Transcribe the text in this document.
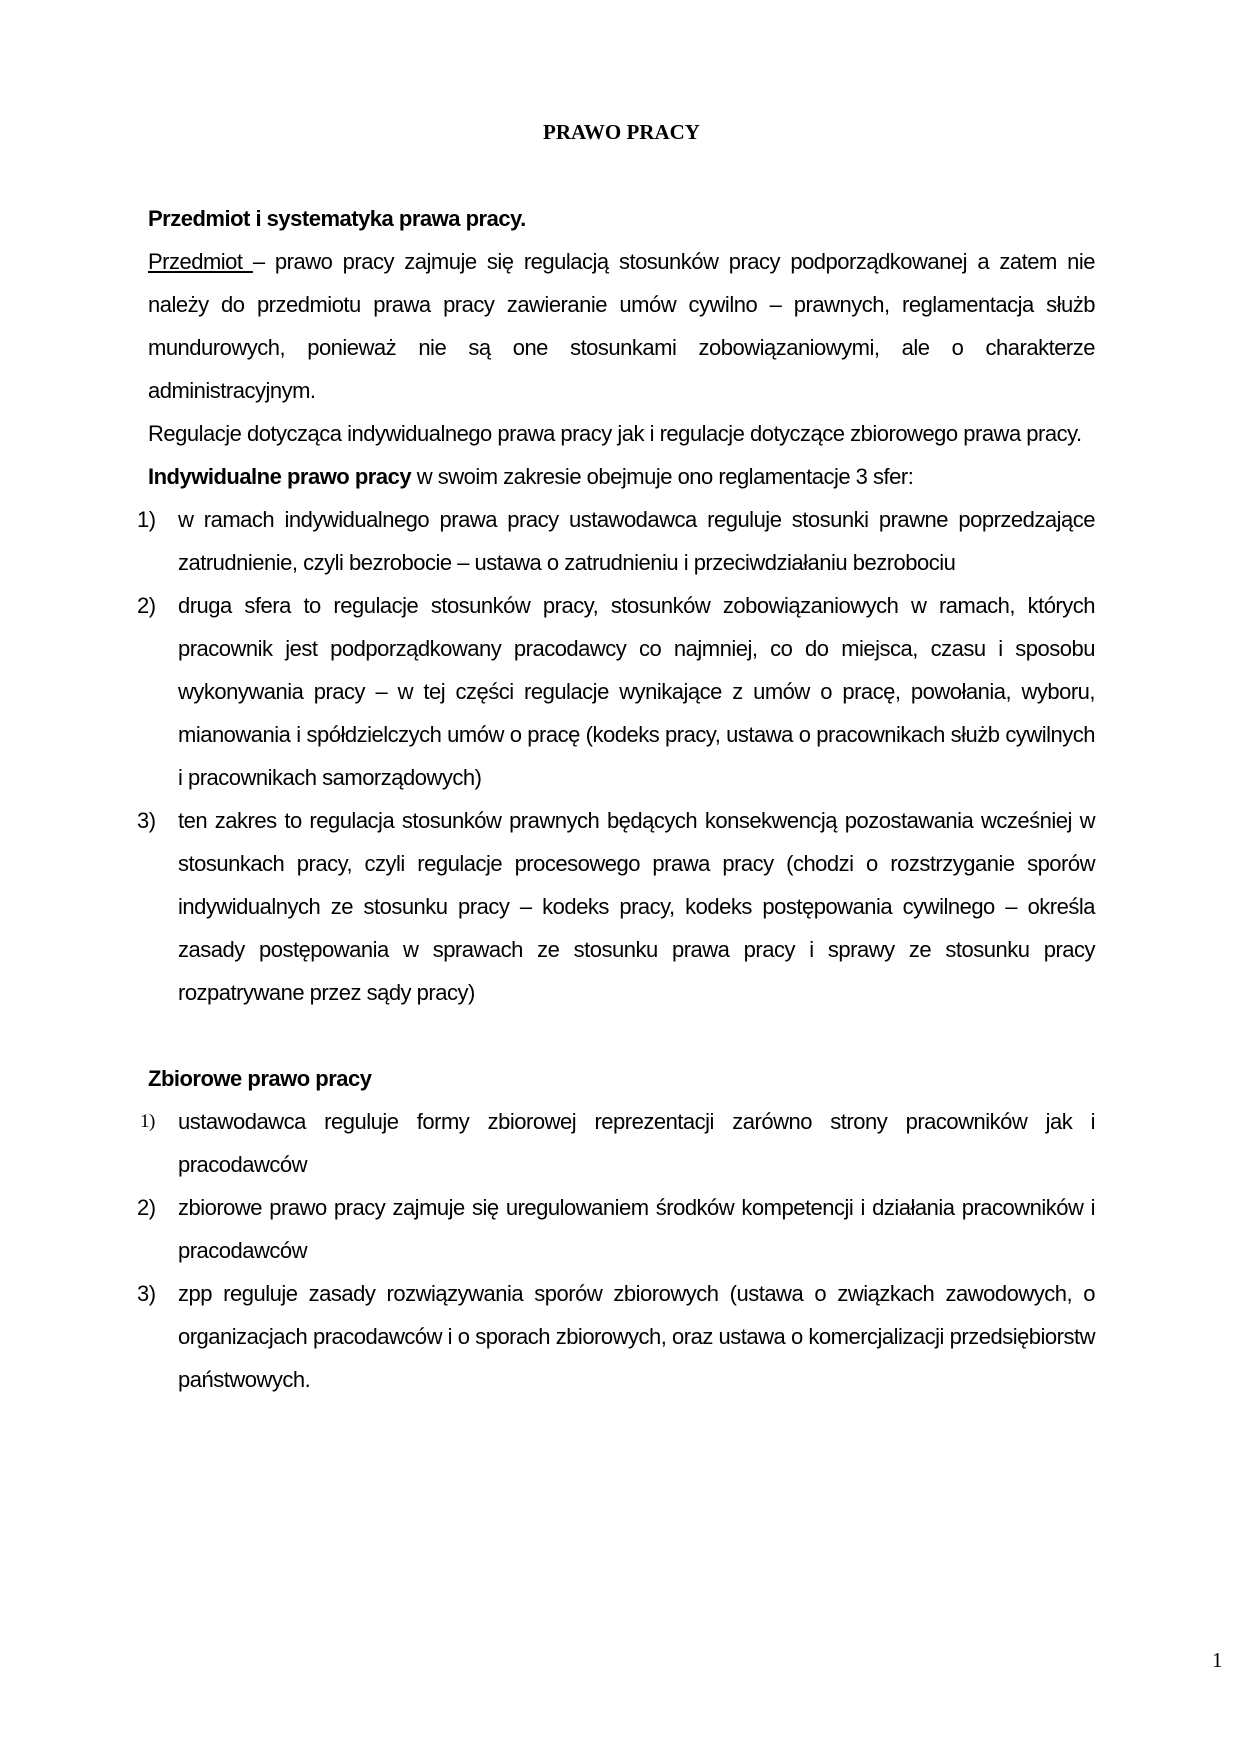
PRAWO PRACY
Przedmiot i systematyka prawa pracy.

Przedmiot – prawo pracy zajmuje się regulacją stosunków pracy podporządkowanej a zatem nie należy do przedmiotu prawa pracy zawieranie umów cywilno – prawnych, reglamentacja służb mundurowych, ponieważ nie są one stosunkami zobowiązaniowymi, ale o charakterze administracyjnym.

Regulacje dotycząca indywidualnego prawa pracy jak i regulacje dotyczące zbiorowego prawa pracy.

Indywidualne prawo pracy w swoim zakresie obejmuje ono reglamentacje 3 sfer:

1) w ramach indywidualnego prawa pracy ustawodawca reguluje stosunki prawne poprzedzające zatrudnienie, czyli bezrobocie – ustawa o zatrudnieniu i przeciwdziałaniu bezrobociu
2) druga sfera to regulacje stosunków pracy, stosunków zobowiązaniowych w ramach, których pracownik jest podporządkowany pracodawcy co najmniej, co do miejsca, czasu i sposobu wykonywania pracy – w tej części regulacje wynikające z umów o pracę, powołania, wyboru, mianowania i spółdzielczych umów o pracę (kodeks pracy, ustawa o pracownikach służb cywilnych i pracownikach samorządowych)
3) ten zakres to regulacja stosunków prawnych będących konsekwencją pozostawania wcześniej w stosunkach pracy, czyli regulacje procesowego prawa pracy (chodzi o rozstrzyganie sporów indywidualnych ze stosunku pracy – kodeks pracy, kodeks postępowania cywilnego – określa zasady postępowania w sprawach ze stosunku prawa pracy i sprawy ze stosunku pracy rozpatrywane przez sądy pracy)
Zbiorowe prawo pracy
1) ustawodawca reguluje formy zbiorowej reprezentacji zarówno strony pracowników jak i pracodawców
2) zbiorowe prawo pracy zajmuje się uregulowaniem środków kompetencji i działania pracowników i pracodawców
3) zpp reguluje zasady rozwiązywania sporów zbiorowych (ustawa o związkach zawodowych, o organizacjach pracodawców i o sporach zbiorowych, oraz ustawa o komercjalizacji przedsiębiorstw państwowych.
1
